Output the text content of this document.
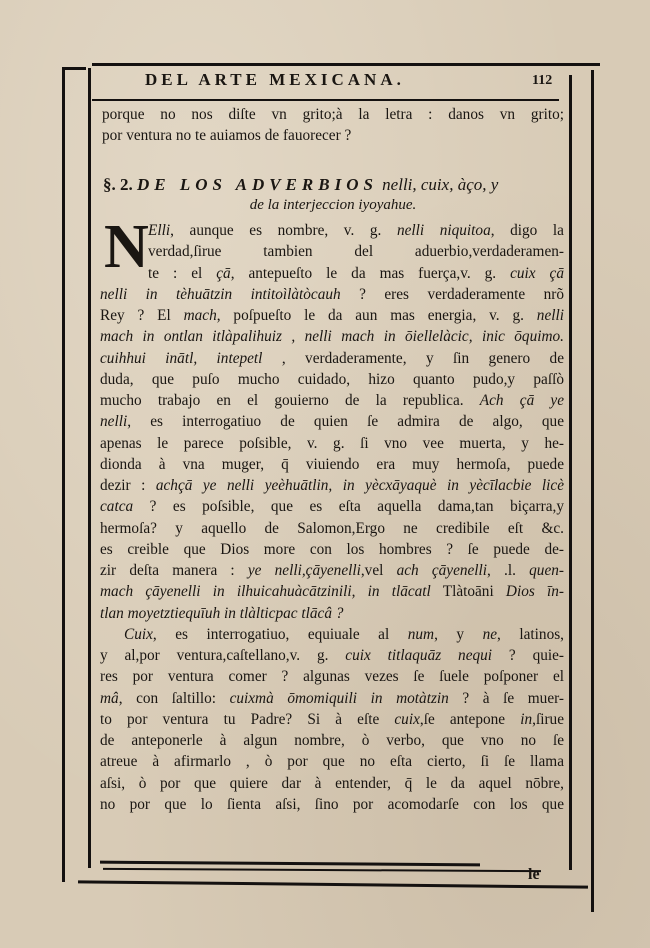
DEL ARTE MEXICANA.	112
porque no nos diſte vn grito;à la letra : danos vn grito;
por ventura no te auiamos de fauorecer ?
§. 2. DE LOS ADVERBIOS nelli, cuix, àço, y
de la interjeccion iyoyahue.
N Elli, aunque es nombre, v. g. nelli niquitoa, digo la
verdad,ſirue tambien del aduerbio,verdaderamen-
te : el çā, antepueſto le da mas fuerça,v. g. cuix çā
nelli in tèhuātzin intitoìlàtòcauh ? eres verdaderamente nrõ
Rey ? El mach, poſpueſto le da aun mas energia, v. g. nelli
mach in ontlan itlàpalihuiz , nelli mach in ōiellelàcic, inic ōquimo.
cuihhui inātl, intepetl , verdaderamente, y ſin genero de
duda, que puſo mucho cuidado, hizo quanto pudo,y paſſò
mucho trabajo en el gouierno de la republica. Ach çā ye
nelli, es interrogatiuo de quien ſe admira de algo, que
apenas le parece poſsible, v. g. ſi vno vee muerta, y he-
dionda à vna muger, q̄ viuiendo era muy hermoſa, puede
dezir : achçā ye nelli yeèhuātlin, in yècxāyaquè in yècīlacbie licè
catca ? es poſsible, que es eſta aquella dama,tan biçarra,y
hermoſa? y aquello de Salomon,Ergo ne credibile eſt &c.
es creible que Dios more con los hombres ? ſe puede de-
zir deſta manera : ye nelli,çāyenelli,vel ach çāyenelli, .l. quen-
mach çāyenelli in ilhuicahuàcātzinili, in tlācatl Tlàtoāni Dios īn-
tlan moyetztiequīuh in tlàlticpac tlācâ ?
Cuix, es interrogatiuo, equiuale al num, y ne, latinos,
y al,por ventura,caſtellano,v. g. cuix titlaquāz nequi ? quie-
res por ventura comer ? algunas vezes ſe ſuele poſponer el
mâ, con ſaltillo: cuixmà ōmomiquili in motàtzin ? à ſe muer-
to por ventura tu Padre? Si à eſte cuix,ſe antepone in,ſirue
de anteponerle à algun nombre, ò verbo, que vno no ſe
atreue à afirmarlo , ò por que no eſta cierto, ſi ſe llama
aſsi, ò por que quiere dar à entender, q̄ le da aquel nōbre,
no por que lo ſienta aſsi, ſino por acomodarſe con los que
le
